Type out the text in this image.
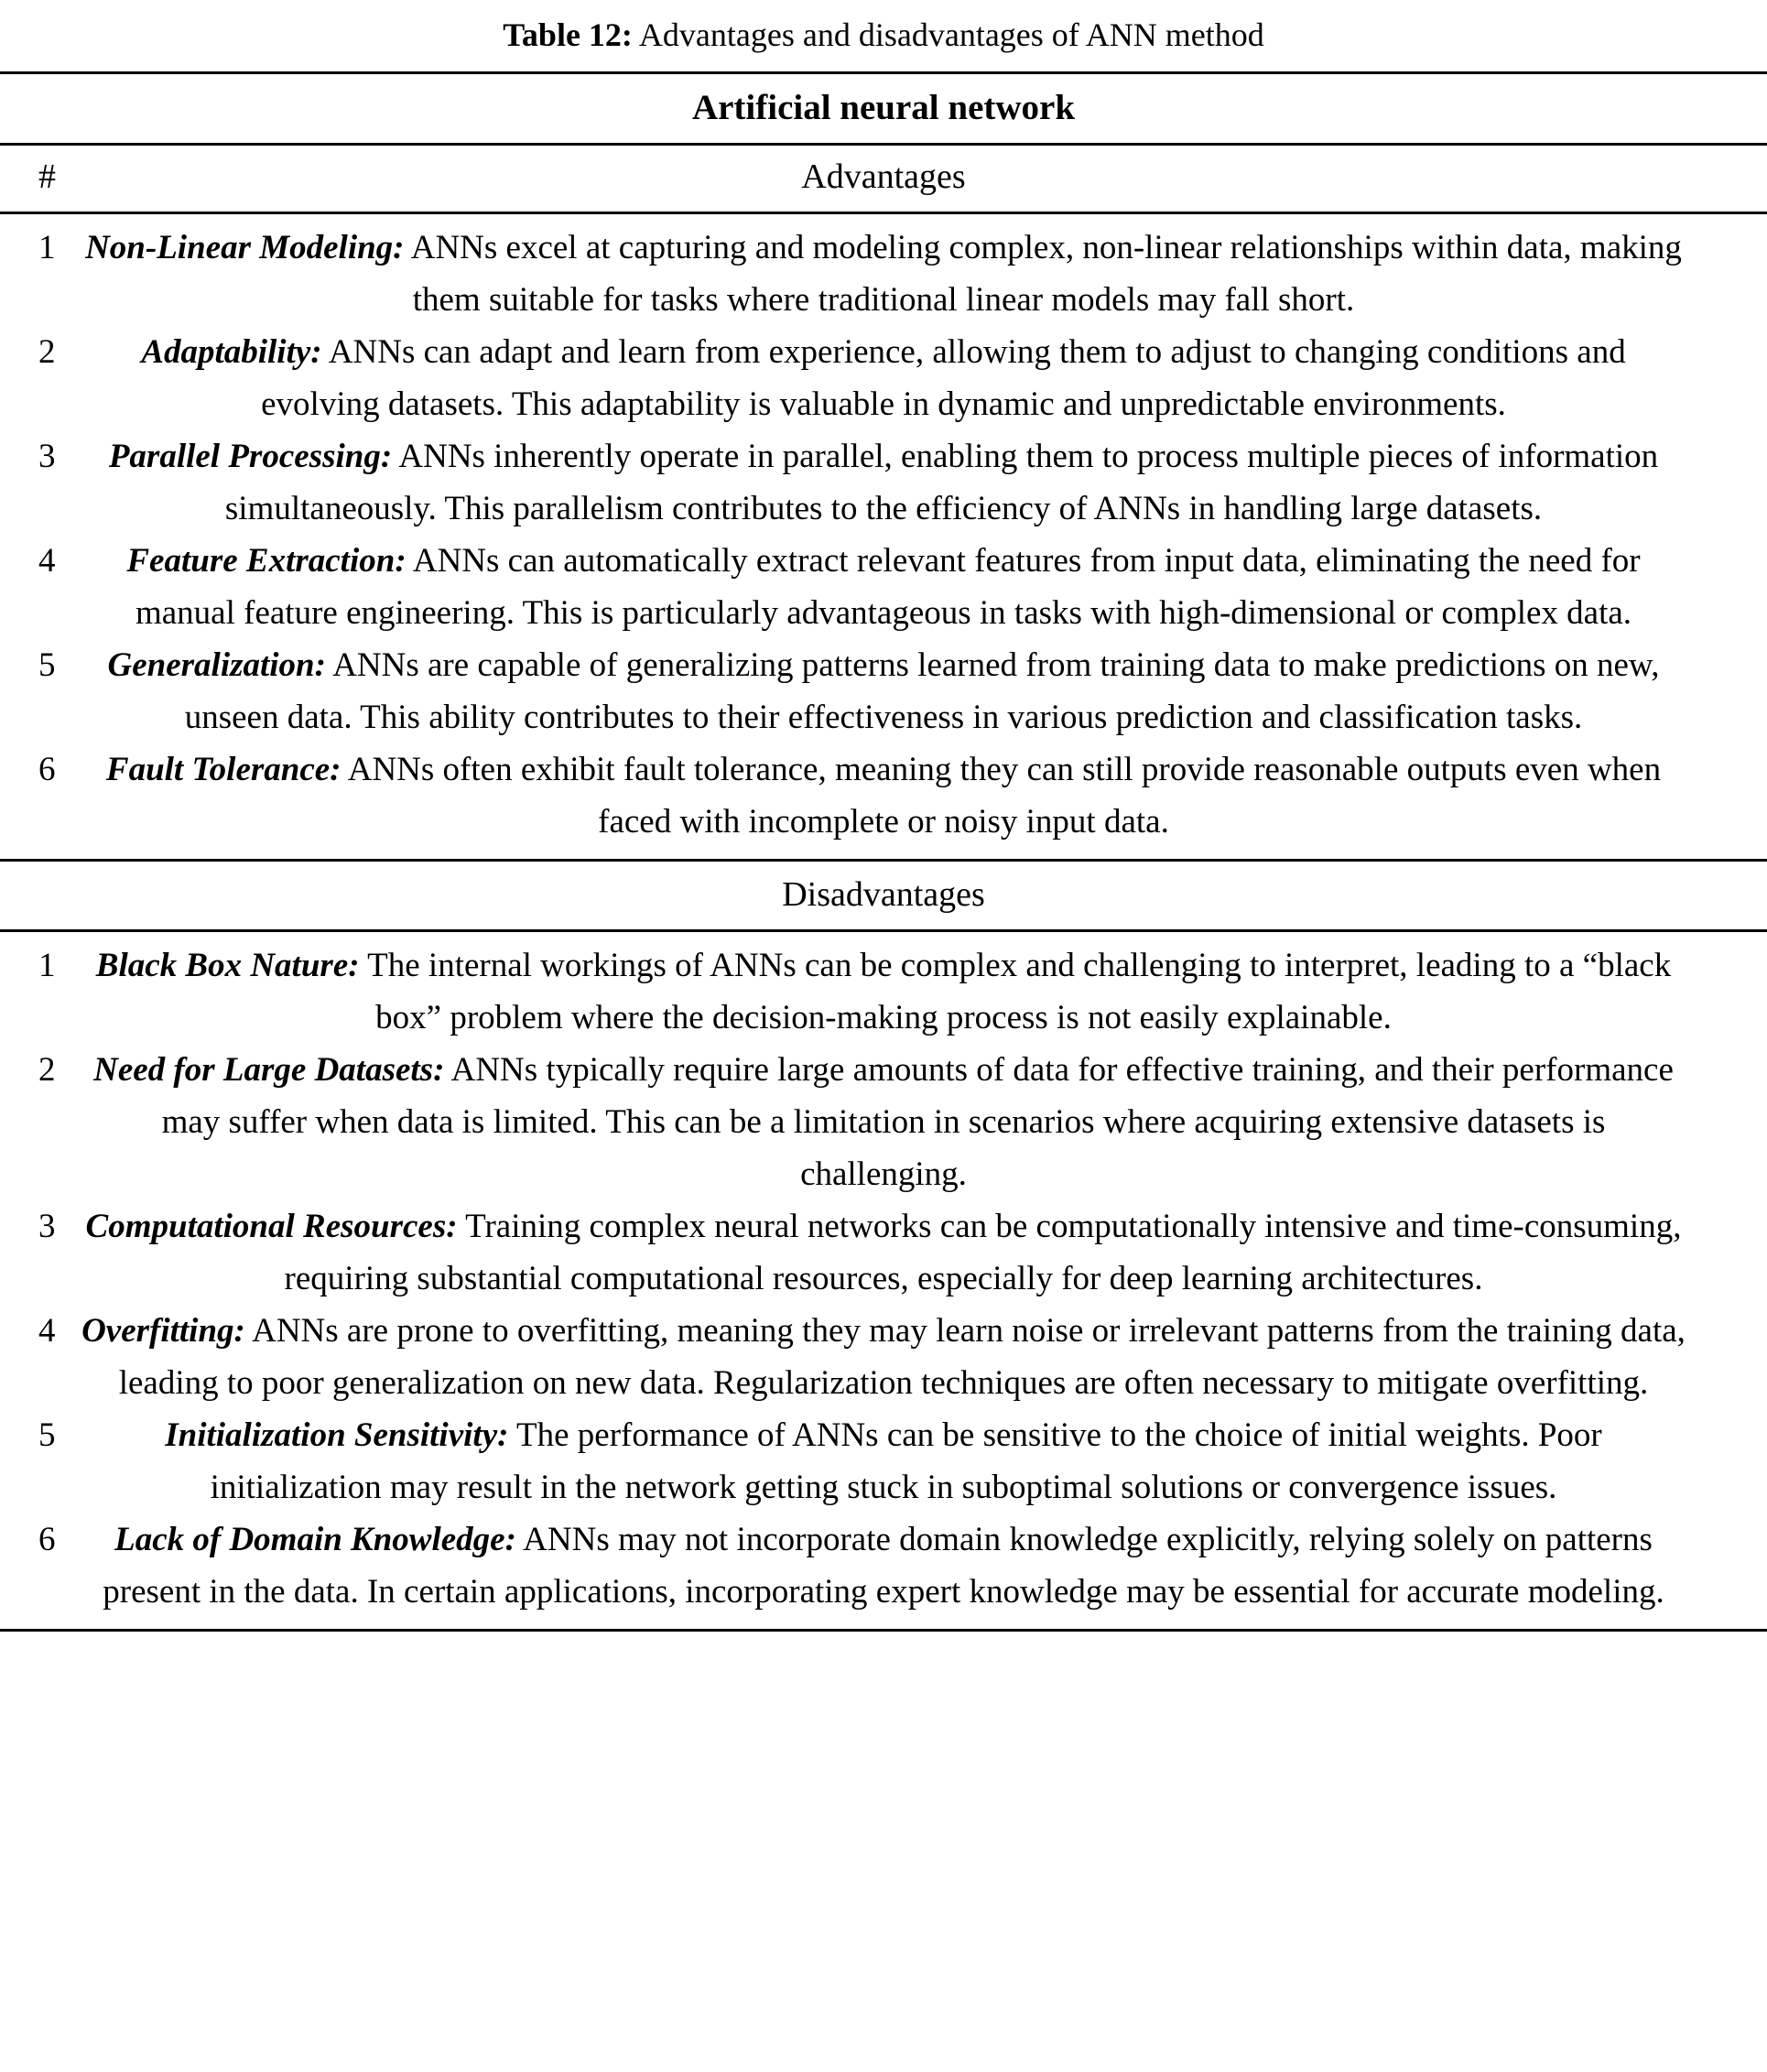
Table 12: Advantages and disadvantages of ANN method
Artificial neural network
#	Advantages
1 Non-Linear Modeling: ANNs excel at capturing and modeling complex, non-linear relationships within data, making them suitable for tasks where traditional linear models may fall short.
2	Adaptability: ANNs can adapt and learn from experience, allowing them to adjust to changing conditions and evolving datasets. This adaptability is valuable in dynamic and unpredictable environments.
3	Parallel Processing: ANNs inherently operate in parallel, enabling them to process multiple pieces of information simultaneously. This parallelism contributes to the efficiency of ANNs in handling large datasets.
4	Feature Extraction: ANNs can automatically extract relevant features from input data, eliminating the need for manual feature engineering. This is particularly advantageous in tasks with high-dimensional or complex data.
5	Generalization: ANNs are capable of generalizing patterns learned from training data to make predictions on new, unseen data. This ability contributes to their effectiveness in various prediction and classification tasks.
6	Fault Tolerance: ANNs often exhibit fault tolerance, meaning they can still provide reasonable outputs even when faced with incomplete or noisy input data.
Disadvantages
1	Black Box Nature: The internal workings of ANNs can be complex and challenging to interpret, leading to a “black box” problem where the decision-making process is not easily explainable.
2	Need for Large Datasets: ANNs typically require large amounts of data for effective training, and their performance may suffer when data is limited. This can be a limitation in scenarios where acquiring extensive datasets is challenging.
3 Computational Resources: Training complex neural networks can be computationally intensive and time-consuming, requiring substantial computational resources, especially for deep learning architectures.
4 Overfitting: ANNs are prone to overfitting, meaning they may learn noise or irrelevant patterns from the training data, leading to poor generalization on new data. Regularization techniques are often necessary to mitigate overfitting.
5	Initialization Sensitivity: The performance of ANNs can be sensitive to the choice of initial weights. Poor initialization may result in the network getting stuck in suboptimal solutions or convergence issues.
6	Lack of Domain Knowledge: ANNs may not incorporate domain knowledge explicitly, relying solely on patterns present in the data. In certain applications, incorporating expert knowledge may be essential for accurate modeling.
